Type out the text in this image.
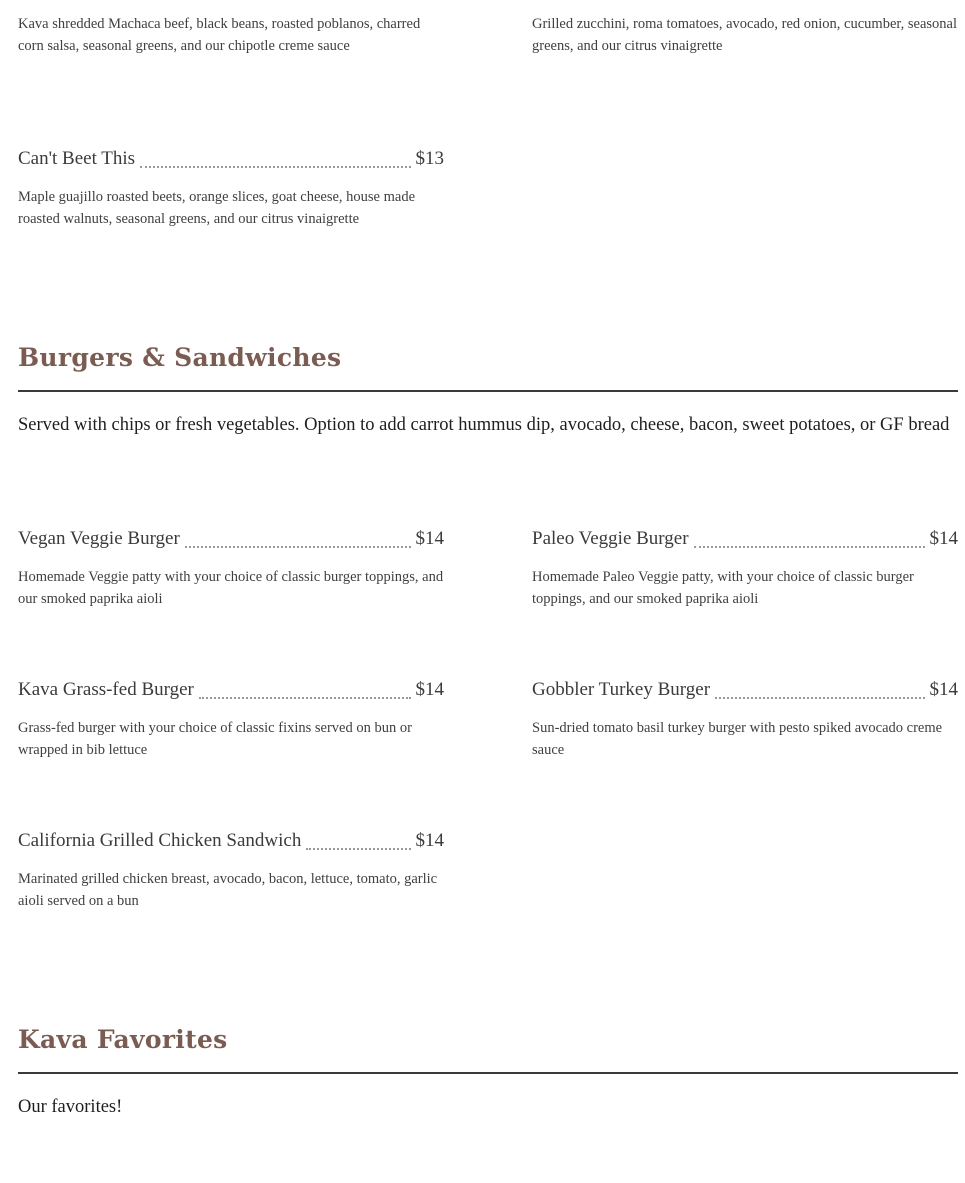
Kava shredded Machaca beef, black beans, roasted poblanos, charred corn salsa, seasonal greens, and our chipotle creme sauce
Grilled zucchini, roma tomatoes, avocado, red onion, cucumber, seasonal greens, and our citrus vinaigrette
Can't Beet This	$13
Maple guajillo roasted beets, orange slices, goat cheese, house made roasted walnuts, seasonal greens, and our citrus vinaigrette
Burgers & Sandwiches
Served with chips or fresh vegetables. Option to add carrot hummus dip, avocado, cheese, bacon, sweet potatoes, or GF bread
Vegan Veggie Burger	$14
Homemade Veggie patty with your choice of classic burger toppings, and our smoked paprika aioli
Paleo Veggie Burger	$14
Homemade Paleo Veggie patty, with your choice of classic burger toppings, and our smoked paprika aioli
Kava Grass-fed Burger	$14
Grass-fed burger with your choice of classic fixins served on bun or wrapped in bib lettuce
Gobbler Turkey Burger	$14
Sun-dried tomato basil turkey burger with pesto spiked avocado creme sauce
California Grilled Chicken Sandwich	$14
Marinated grilled chicken breast, avocado, bacon, lettuce, tomato, garlic aioli served on a bun
Kava Favorites
Our favorites!
